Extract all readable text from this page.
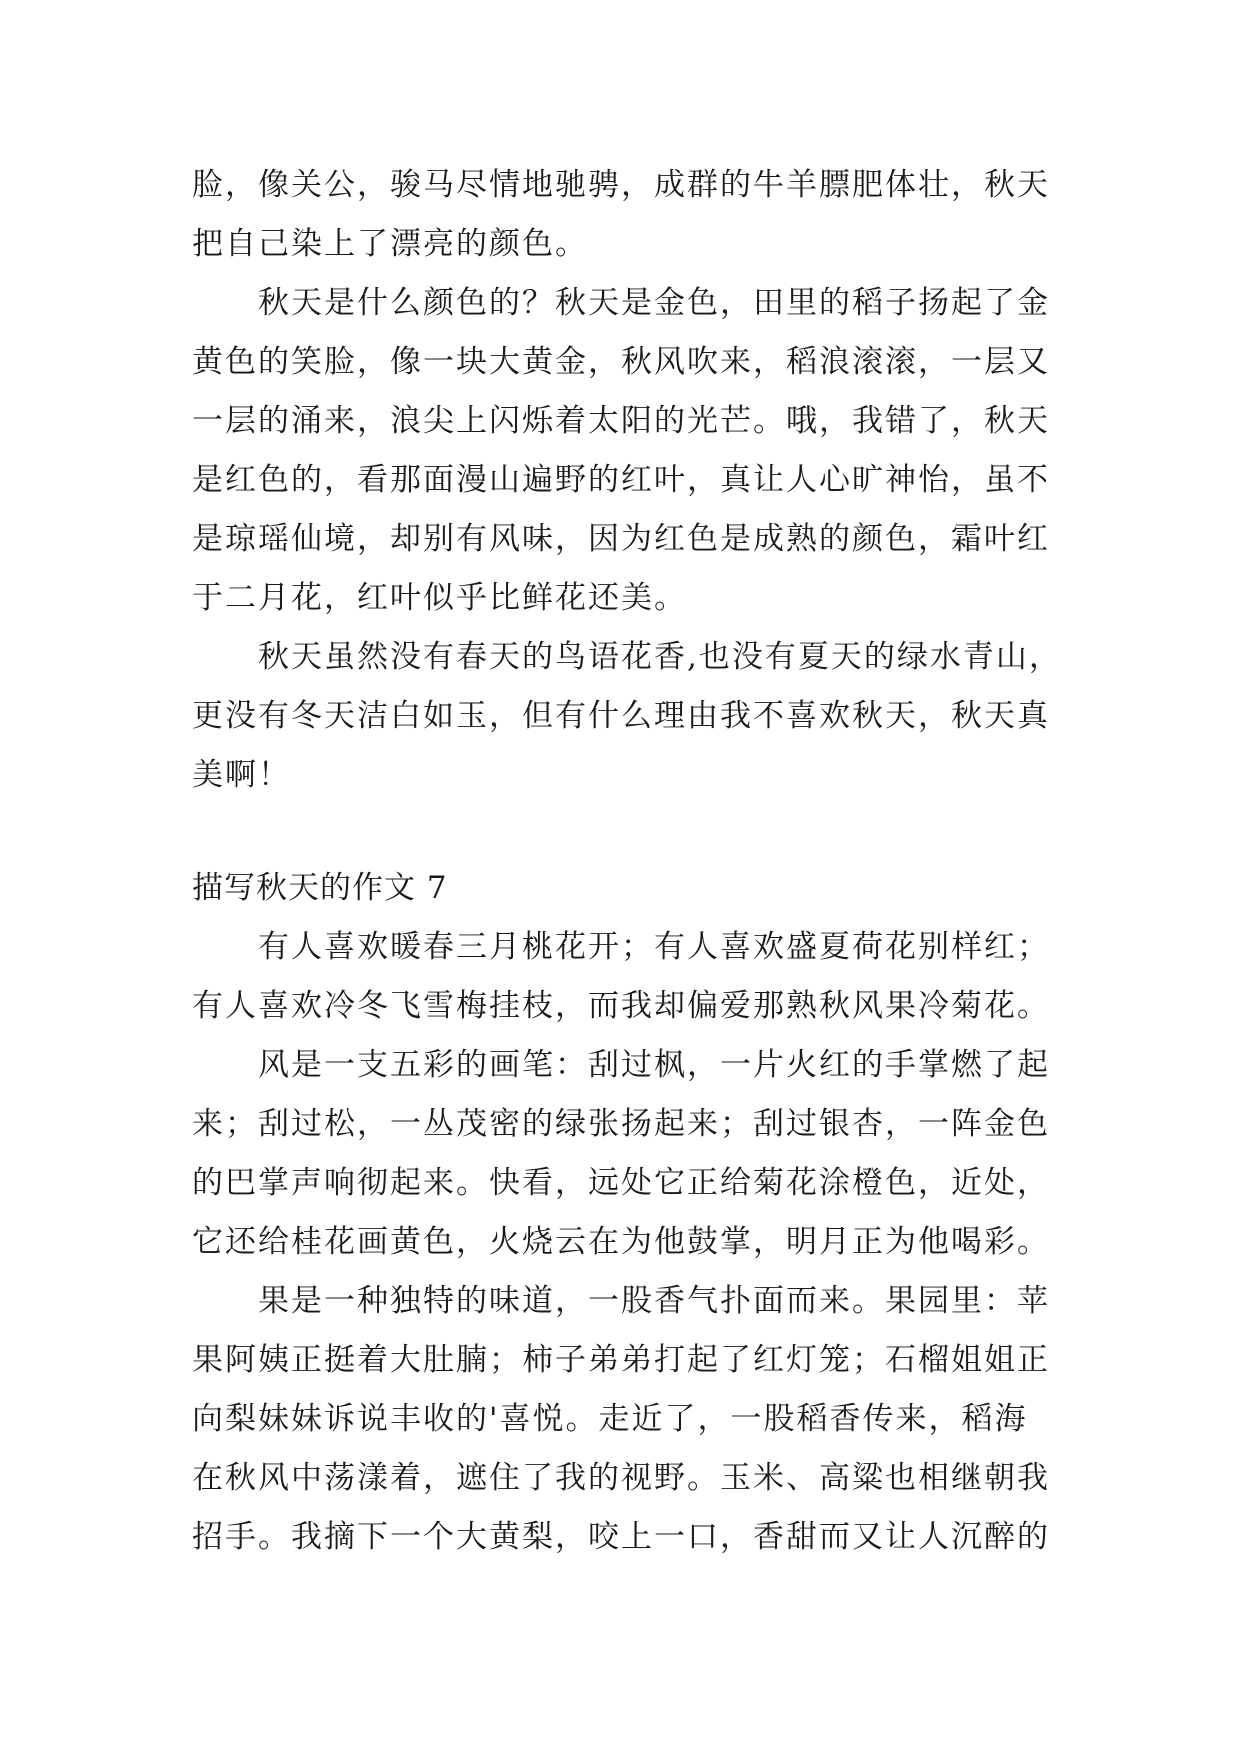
脸，像关公，骏马尽情地驰骋，成群的牛羊膘肥体壮，秋天
把自己染上了漂亮的颜色。
秋天是什么颜色的？秋天是金色，田里的稻子扬起了金
黄色的笑脸，像一块大黄金，秋风吹来，稻浪滚滚，一层又
一层的涌来，浪尖上闪烁着太阳的光芒。哦，我错了，秋天
是红色的，看那面漫山遍野的红叶，真让人心旷神怡，虽不
是琼瑶仙境，却别有风味，因为红色是成熟的颜色，霜叶红
于二月花，红叶似乎比鲜花还美。
秋天虽然没有春天的鸟语花香,也没有夏天的绿水青山，
更没有冬天洁白如玉，但有什么理由我不喜欢秋天，秋天真
美啊！
描写秋天的作文 7
有人喜欢暖春三月桃花开；有人喜欢盛夏荷花别样红；
有人喜欢冷冬飞雪梅挂枝，而我却偏爱那熟秋风果冷菊花。
风是一支五彩的画笔：刮过枫，一片火红的手掌燃了起
来；刮过松，一丛茂密的绿张扬起来；刮过银杏，一阵金色
的巴掌声响彻起来。快看，远处它正给菊花涂橙色，近处，
它还给桂花画黄色，火烧云在为他鼓掌，明月正为他喝彩。
果是一种独特的味道，一股香气扑面而来。果园里：苹
果阿姨正挺着大肚腩；柿子弟弟打起了红灯笼；石榴姐姐正
向梨妹妹诉说丰收的'喜悦。走近了，一股稻香传来，稻海
在秋风中荡漾着，遮住了我的视野。玉米、高粱也相继朝我
招手。我摘下一个大黄梨，咬上一口，香甜而又让人沉醉的
